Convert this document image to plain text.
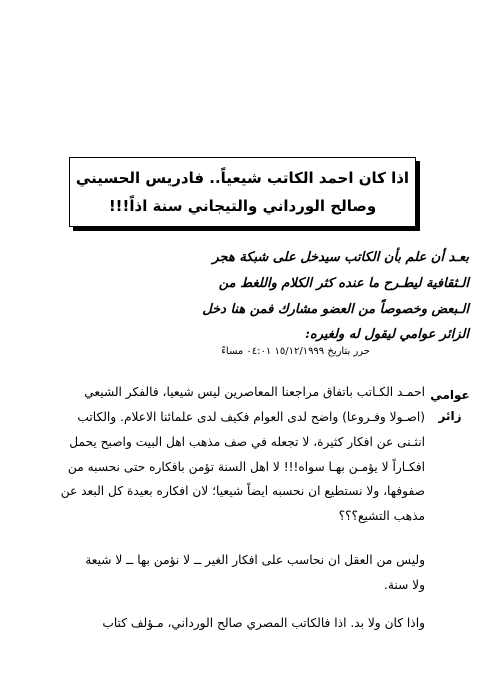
اذا كان احمد الكاتب شيعياً.. فادريس الحسيني
وصالح الورداني والتيجاني سنة اذاً!!!
بعـد أن علم بأن الكاتب سيدخل على شبكة هجر
الـثقافية ليطـرح ما عنده كثر الكلام واللغط من
الـبعض وخصوصاً من العضو مشارك فمن هنا دخل
الزائر عوامي ليقول له ولغيره:
حرر بتاريخ ١٥/١٢/١٩٩٩ ٠٤:٠١ مساءً
عوامي
زائر
احمـد الكـاتب باتفاق مراجعنا المعاصرين ليس شيعيا، فالفكر الشيعي
(اصـولا وفـروعا) واضح لدى العوام فكيف لدى علمائنا الاعلام. والكاتب
انثـنى عن افكار كثيرة، لا تجعله في صف مذهب اهل البيت واصبح يحمل
افكـاراً لا يؤمـن بهـا سواه!!! لا اهل السنة تؤمن بافكاره حتى نحسبه من
صفوفها، ولا نستطيع ان نحسبه ايضاً شيعيا؛ لان افكاره بعيدة كل البعد عن
مذهب التشيع؟؟؟
وليس من العقل ان نحاسب على افكار الغير ــ لا نؤمن بها ــ لا شيعة
ولا سنة.
واذا كان ولا بد. اذا فالكاتب المصري صالح الورداني، مـؤلف كتاب
